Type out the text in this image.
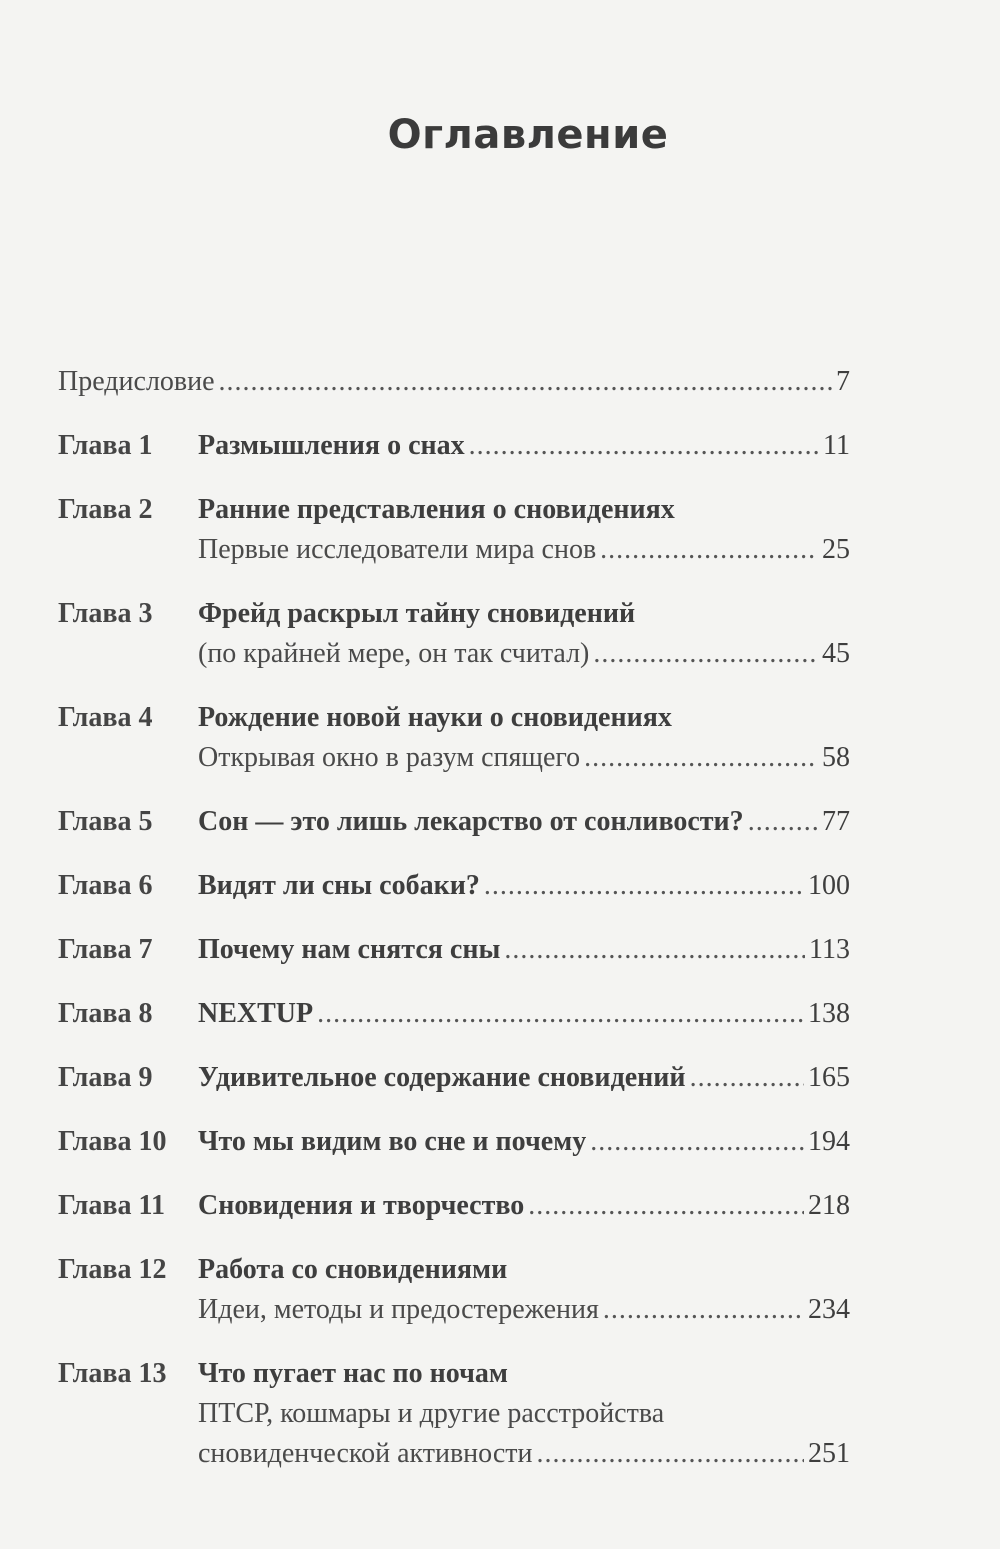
Оглавление
Предисловие .....	7
Глава 1	Размышления о снах .....	11
Глава 2	Ранние представления о сновидениях
Первые исследователи мира снов .....	25
Глава 3	Фрейд раскрыл тайну сновидений
(по крайней мере, он так считал) .....	45
Глава 4	Рождение новой науки о сновидениях
Открывая окно в разум спящего .....	58
Глава 5	Сон — это лишь лекарство от сонливости? .....	77
Глава 6	Видят ли сны собаки? .....	100
Глава 7	Почему нам снятся сны .....	113
Глава 8	NEXTUP .....	138
Глава 9	Удивительное содержание сновидений .....	165
Глава 10	Что мы видим во сне и почему .....	194
Глава 11	Сновидения и творчество .....	218
Глава 12	Работа со сновидениями
Идеи, методы и предостережения .....	234
Глава 13	Что пугает нас по ночам
ПТСР, кошмары и другие расстройства
сновиденческой активности .....	251
